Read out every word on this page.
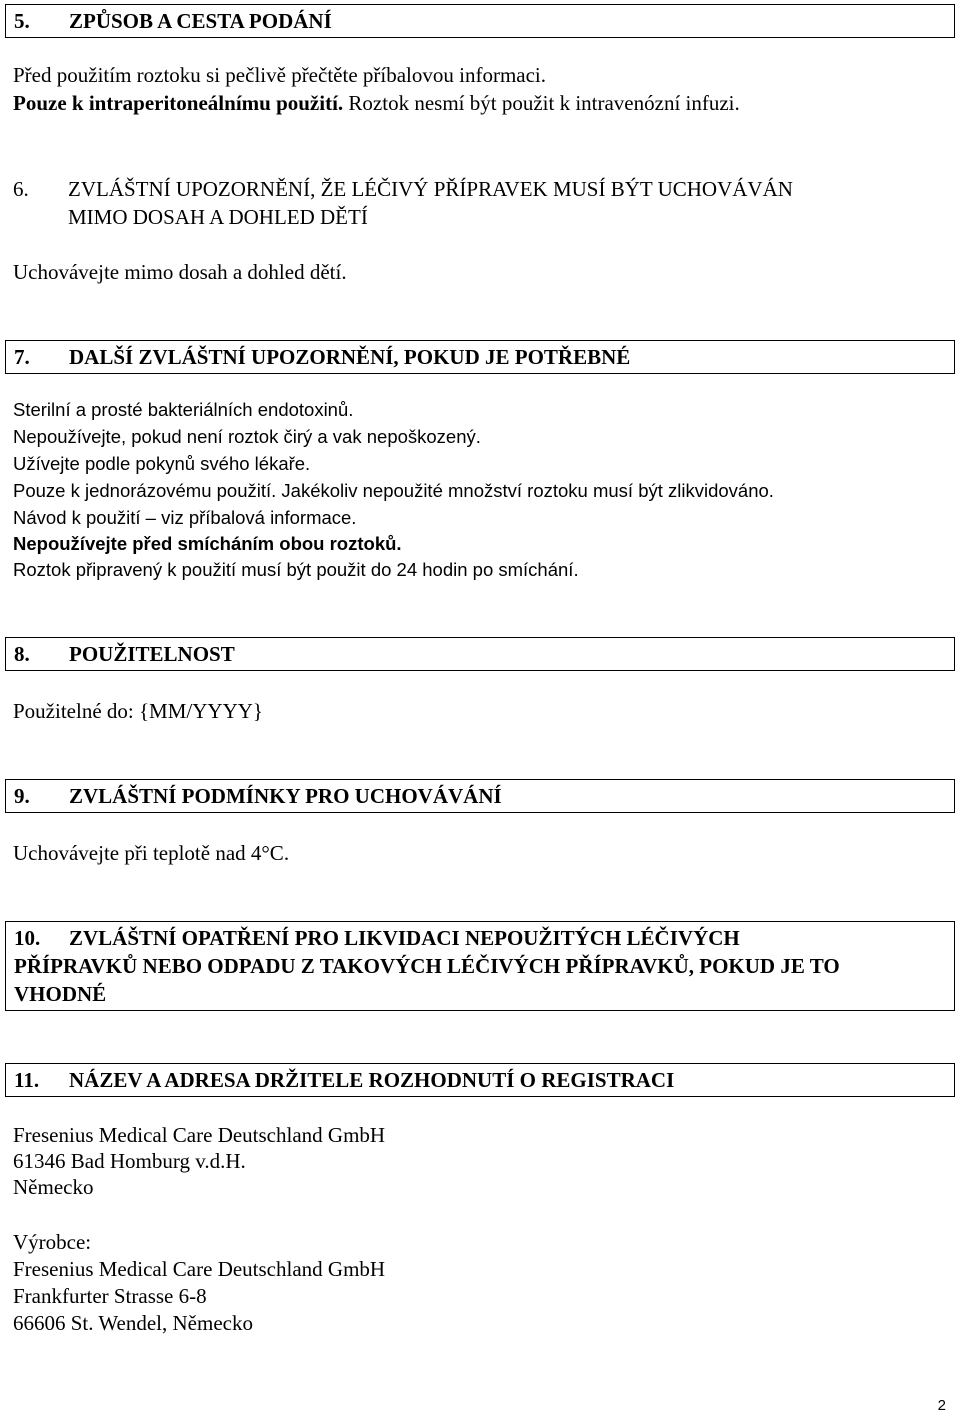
5. ZPŮSOB A CESTA PODÁNÍ

Před použitím roztoku si pečlivě přečtěte příbalovou informaci.

Pouze k intraperitoneálnímu použití. Roztok nesmí být použit k intravenózní infuzi.

6.	ZVLÁŠTNÍ UPOZORNĚNÍ, ŽE LÉČIVÝ PŘÍPRAVEK MUSÍ BÝT UCHOVÁVÁN
MIMO DOSAH A DOHLED DĚTÍ

Uchovávejte mimo dosah a dohled dětí.

7. DALŠÍ ZVLÁŠTNÍ UPOZORNĚNÍ, POKUD JE POTŘEBNÉ

Sterilní a prosté bakteriálních endotoxinů.

Nepoužívejte, pokud není roztok čirý a vak nepoškozený.

Užívejte podle pokynů svého lékaře.

Pouze k jednorázovému použití. Jakékoliv nepoužité množství roztoku musí být zlikvidováno.

Návod k použití – viz příbalová informace.

Nepoužívejte před smícháním obou roztoků.

Roztok připravený k použití musí být použit do 24 hodin po smíchání.

8. POUŽITELNOST

Použitelné do: {MM/YYYY}

9. ZVLÁŠTNÍ PODMÍNKY PRO UCHOVÁVÁNÍ

Uchovávejte při teplotě nad 4°C.

10. ZVLÁŠTNÍ OPATŘENÍ PRO LIKVIDACI NEPOUŽITÝCH LÉČIVÝCH
PŘÍPRAVKŮ NEBO ODPADU Z TAKOVÝCH LÉČIVÝCH PŘÍPRAVKŮ, POKUD JE TO
VHODNÉ
11. NÁZEV A ADRESA DRŽITELE ROZHODNUTÍ O REGISTRACI

Fresenius Medical Care Deutschland GmbH

61346 Bad Homburg v.d.H.

Německo

Výrobce:

Fresenius Medical Care Deutschland GmbH

Frankfurter Strasse 6-8

66606 St. Wendel, Německo

2
